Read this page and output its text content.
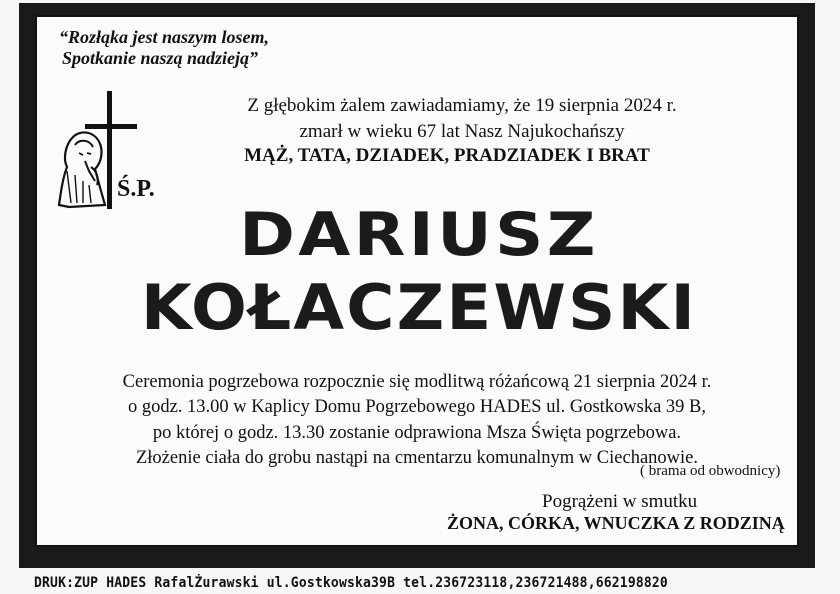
“Rozłąka jest naszym losem,
Spotkanie naszą nadzieją”
Z głębokim żalem zawiadamiamy, że 19 sierpnia 2024 r.
zmarł w wieku 67 lat Nasz Najukochańszy
MĄŻ, TATA, DZIADEK, PRADZIADEK I BRAT
Ś.P.
DARIUSZ
KOŁACZEWSKI
Ceremonia pogrzebowa rozpocznie się modlitwą różańcową 21 sierpnia 2024 r.
o godz. 13.00 w Kaplicy Domu Pogrzebowego HADES ul. Gostkowska 39 B,
po której o godz. 13.30 zostanie odprawiona Msza Święta pogrzebowa.
Złożenie ciała do grobu nastąpi na cmentarzu komunalnym w Ciechanowie.
( brama od obwodnicy)
Pogrążeni w smutku
ŻONA, CÓRKA, WNUCZKA Z RODZINĄ
DRUK:ZUP HADES RafalŻurawski ul.Gostkowska39B tel.236723118,236721488,662198820
